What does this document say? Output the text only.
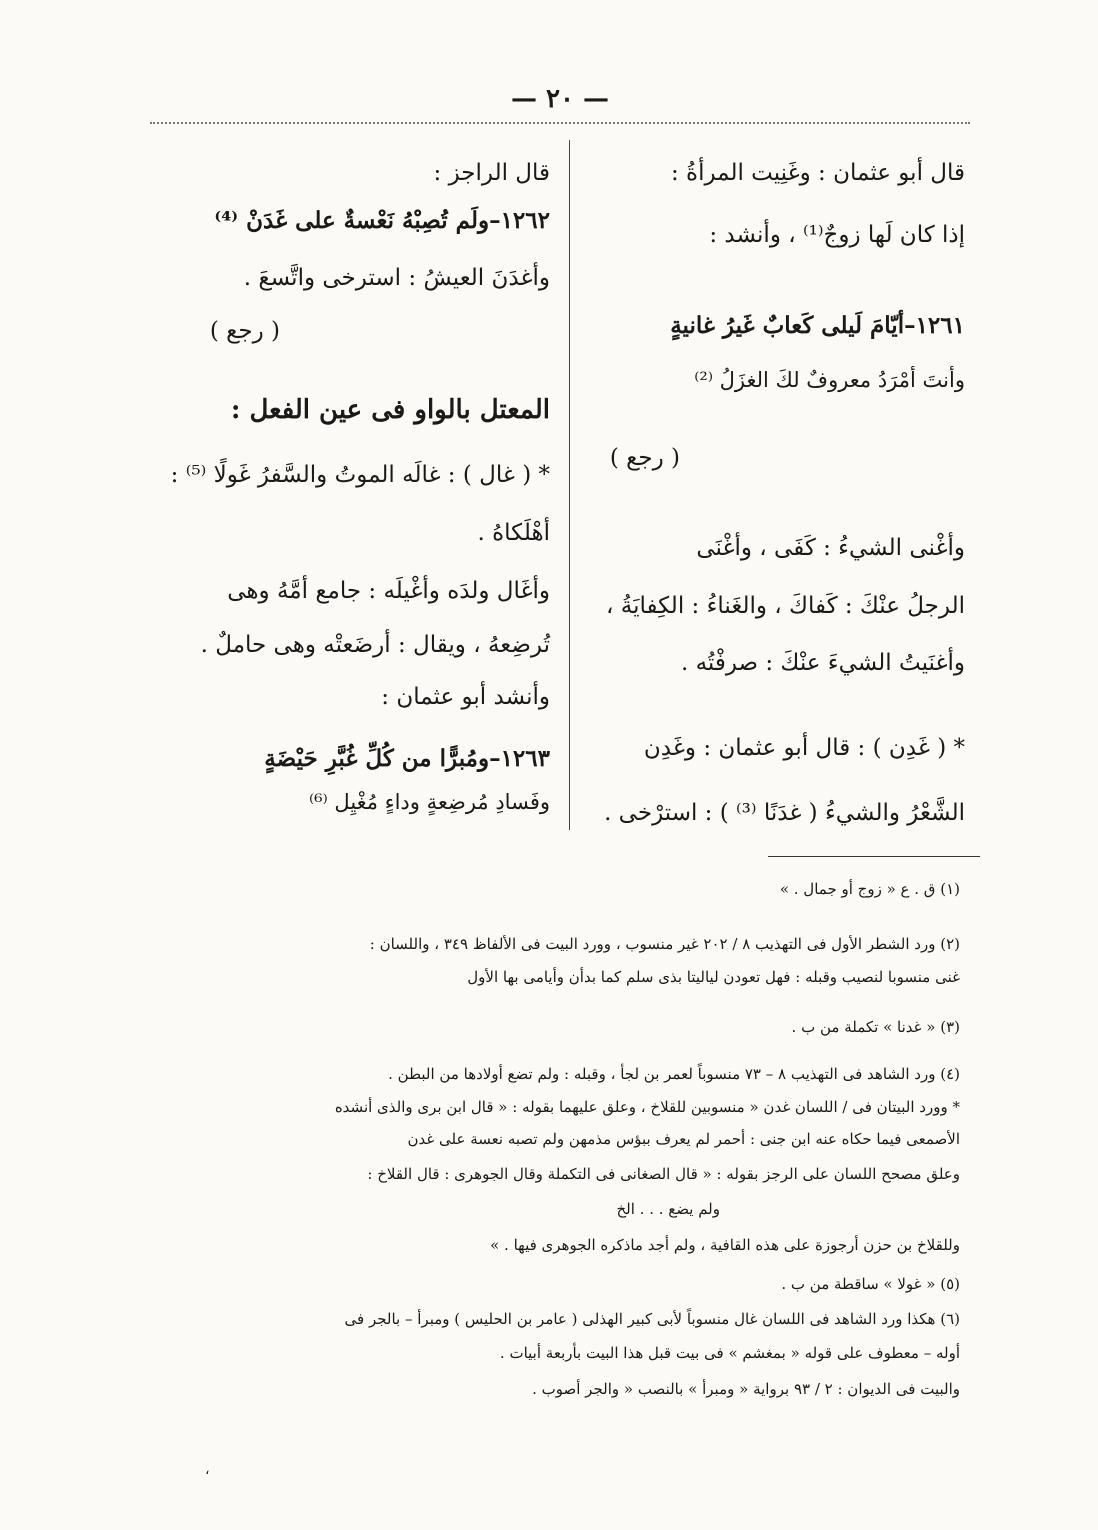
— ٢٠ —

قال أبو عثمان : وغَنِيت المرأةُ :

إذا كان لَها زوجٌ⁽¹⁾ ، وأنشد :

١٢٦١–أيّامَ لَيلى كَعابٌ غَيرُ غانيةٍ

وأنتَ أمْرَدُ معروفٌ لكَ الغزَلُ ⁽²⁾

( رجع )

وأغْنى الشيءُ : كَفَى ، وأغْنَى

الرجلُ عنْكَ : كَفاكَ ، والغَناءُ : الكِفايَةُ ،

وأغنَيتُ الشيءَ عنْكَ : صرفْتُه .

* ( غَدِن ) : قال أبو عثمان : وغَدِن

الشَّعْرُ والشيءُ ( غدَنًا ⁽³⁾ ) : استرْخى .

قال الراجز :

١٢٦٢–ولَم تُصِبْهُ نَعْسةٌ على غَدَنْ ⁽⁴⁾

وأغدَنَ العيشُ : استرخى واتَّسعَ .

( رجع )

المعتل بالواو فى عين الفعل :

* ( غال ) : غالَه الموتُ والسَّفرُ غَولًا ⁽⁵⁾ :

أهْلَكاهُ .

وأغَال ولدَه وأغْيلَه : جامع أمَّهُ وهى

تُرضِعهُ ، ويقال : أرضَعتْه وهى حاملٌ .

وأنشد أبو عثمان :

١٢٦٣–ومُبرًّا من كُلِّ غُبَّرِ حَيْضَةٍ

وفَسادِ مُرضِعةٍ وداءٍ مُغْيِل ⁽⁶⁾

(١) ق . ع « زوج أو جمال . »

(٢) ورد الشطر الأول فى التهذيب ٨ / ٢٠٢ غير منسوب ، وورد البيت فى الألفاظ ٣٤٩ ، واللسان :

غنى منسوبا لنصيب وقبله : فهل تعودن لياليتا بذى سلم كما بدأن وأيامى بها الأول

(٣) « غدنا » تكملة من ب .

(٤) ورد الشاهد فى التهذيب ٨ – ٧٣ منسوباً لعمر بن لجأ ، وقبله : ولم تضع أولادها من البطن .

* وورد البيتان فى / اللسان غدن « منسوبين للقلاخ ، وعلق عليهما بقوله : « قال ابن برى والذى أنشده

الأصمعى فيما حكاه عنه ابن جنى : أحمر لم يعرف ببؤس مذمهن ولم تصبه نعسة على غدن

وعلق مصحح اللسان على الرجز بقوله : « قال الصغانى فى التكملة وقال الجوهرى : قال القلاخ :

ولم يضع . . . الخ

وللقلاخ بن حزن أرجوزة على هذه القافية ، ولم أجد ماذكره الجوهرى فيها . »

(٥) « غولا » ساقطة من ب .

(٦) هكذا ورد الشاهد فى اللسان غال منسوباً لأبى كبير الهذلى ( عامر بن الحليس ) ومبرأ – بالجر فى

أوله – معطوف على قوله « بمغشم » فى بيت قبل هذا البيت بأربعة أبيات .

والبيت فى الديوان : ٢ / ٩٣ برواية « ومبرأ » بالنصب « والجر أصوب .

،
